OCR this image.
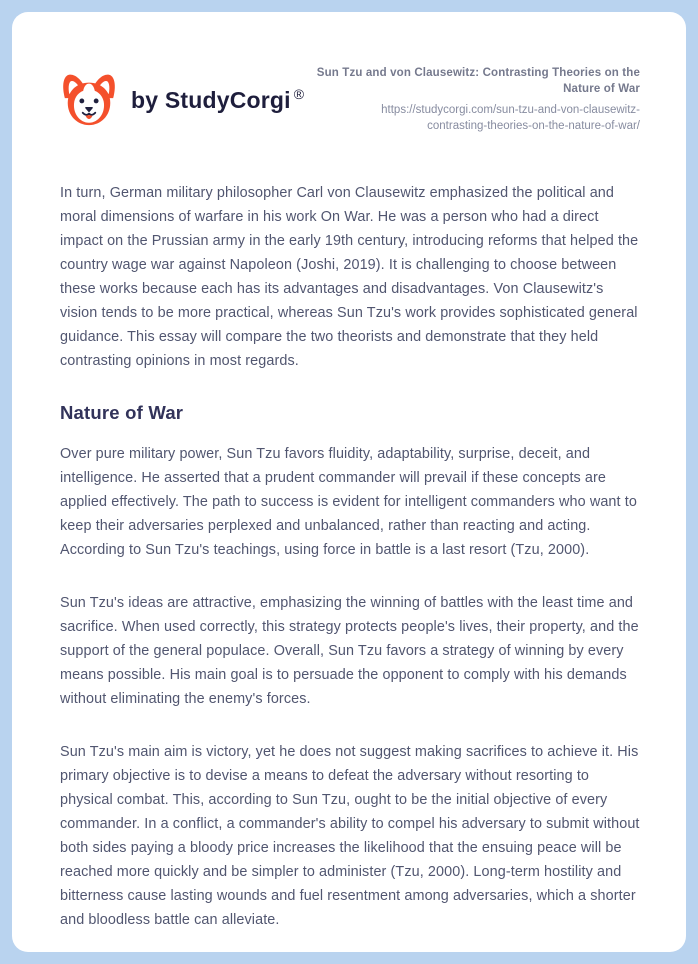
by StudyCorgi ®
Sun Tzu and von Clausewitz: Contrasting Theories on the Nature of War
https://studycorgi.com/sun-tzu-and-von-clausewitz-contrasting-theories-on-the-nature-of-war/

In turn, German military philosopher Carl von Clausewitz emphasized the political and moral dimensions of warfare in his work On War. He was a person who had a direct impact on the Prussian army in the early 19th century, introducing reforms that helped the country wage war against Napoleon (Joshi, 2019). It is challenging to choose between these works because each has its advantages and disadvantages. Von Clausewitz's vision tends to be more practical, whereas Sun Tzu's work provides sophisticated general guidance. This essay will compare the two theorists and demonstrate that they held contrasting opinions in most regards.

Nature of War

Over pure military power, Sun Tzu favors fluidity, adaptability, surprise, deceit, and intelligence. He asserted that a prudent commander will prevail if these concepts are applied effectively. The path to success is evident for intelligent commanders who want to keep their adversaries perplexed and unbalanced, rather than reacting and acting. According to Sun Tzu's teachings, using force in battle is a last resort (Tzu, 2000).

Sun Tzu's ideas are attractive, emphasizing the winning of battles with the least time and sacrifice. When used correctly, this strategy protects people's lives, their property, and the support of the general populace. Overall, Sun Tzu favors a strategy of winning by every means possible. His main goal is to persuade the opponent to comply with his demands without eliminating the enemy's forces.

Sun Tzu's main aim is victory, yet he does not suggest making sacrifices to achieve it. His primary objective is to devise a means to defeat the adversary without resorting to physical combat. This, according to Sun Tzu, ought to be the initial objective of every commander. In a conflict, a commander's ability to compel his adversary to submit without both sides paying a bloody price increases the likelihood that the ensuing peace will be reached more quickly and be simpler to administer (Tzu, 2000). Long-term hostility and bitterness cause lasting wounds and fuel resentment among adversaries, which a shorter and bloodless battle can alleviate.
